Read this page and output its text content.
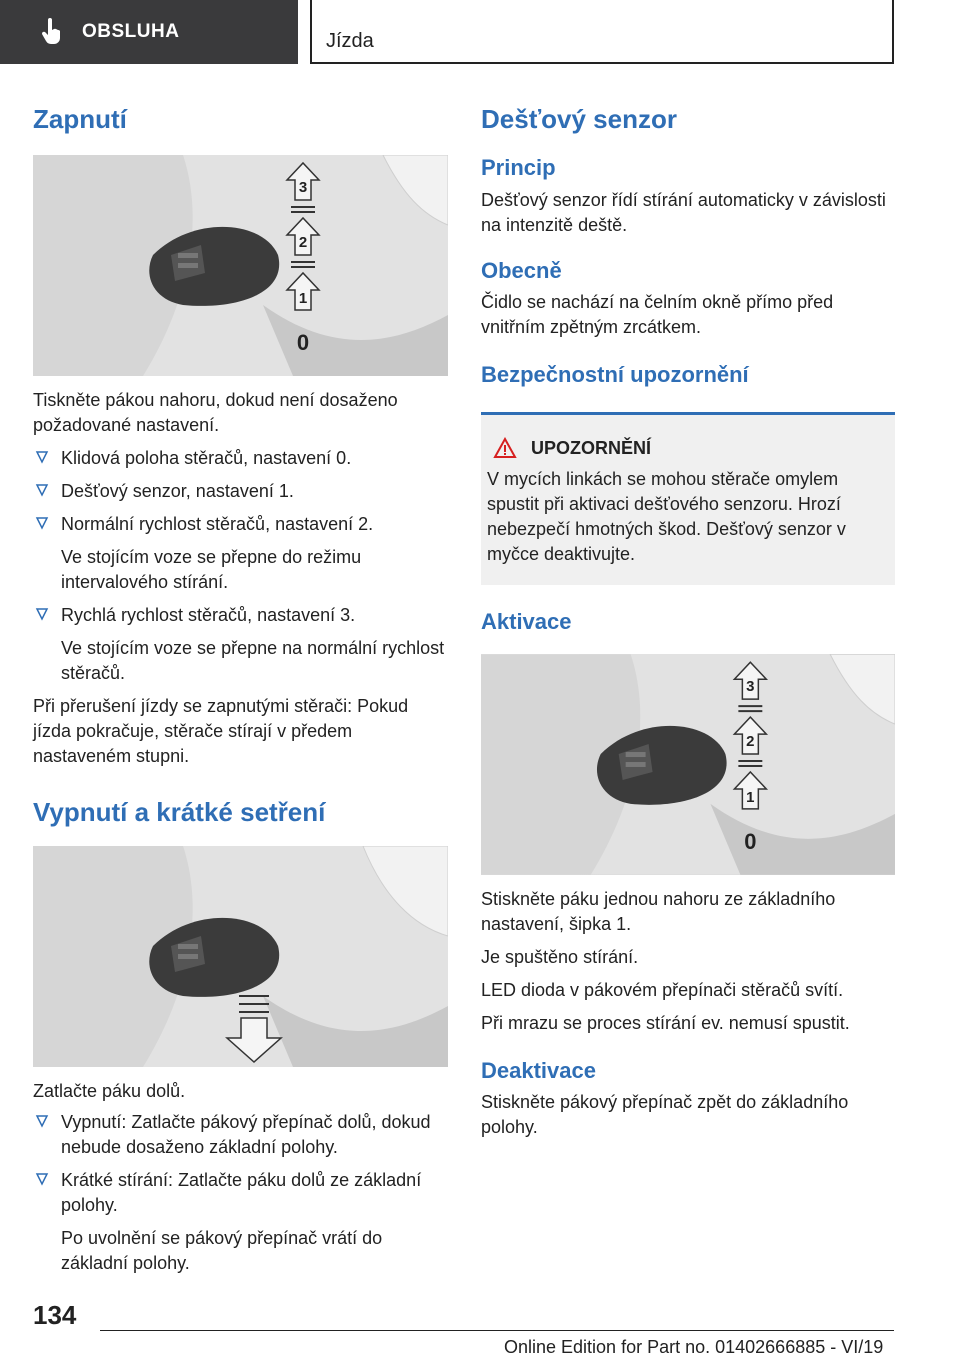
OBSLUHA	Jízda
Zapnutí
0
1
2
3

Tiskněte pákou nahoru, dokud není dosaženo požadované nastavení.

Klidová poloha stěračů, nastavení 0.
Dešťový senzor, nastavení 1.
Normální rychlost stěračů, nastavení 2.

Ve stojícím voze se přepne do režimu intervalového stírání.

Rychlá rychlost stěračů, nastavení 3.

Ve stojícím voze se přepne na normální rychlost stěračů.

Při přerušení jízdy se zapnutými stěrači: Pokud jízda pokračuje, stěrače stírají v předem nastaveném stupni.

Vypnutí a krátké setření

Zatlačte páku dolů.

Vypnutí: Zatlačte pákový přepínač dolů, dokud nebude dosaženo základní polohy.
Krátké stírání: Zatlačte páku dolů ze základní polohy.

Po uvolnění se pákový přepínač vrátí do základní polohy.

Dešťový senzor
Princip

Dešťový senzor řídí stírání automaticky v závislosti na intenzitě deště.

Obecně

Čidlo se nachází na čelním okně přímo před vnitřním zpětným zrcátkem.

Bezpečnostní upozornění
UPOZORNĚNÍ

V mycích linkách se mohou stěrače omylem spustit při aktivaci dešťového senzoru. Hrozí nebezpečí hmotných škod. Dešťový senzor v myčce deaktivujte.

Aktivace
0
1
2
3

Stiskněte páku jednou nahoru ze základního nastavení, šipka 1.

Je spuštěno stírání.

LED dioda v pákovém přepínači stěračů svítí.

Při mrazu se proces stírání ev. nemusí spustit.

Deaktivace

Stiskněte pákový přepínač zpět do základního polohy.

134
Online Edition for Part no. 01402666885 - VI/19
